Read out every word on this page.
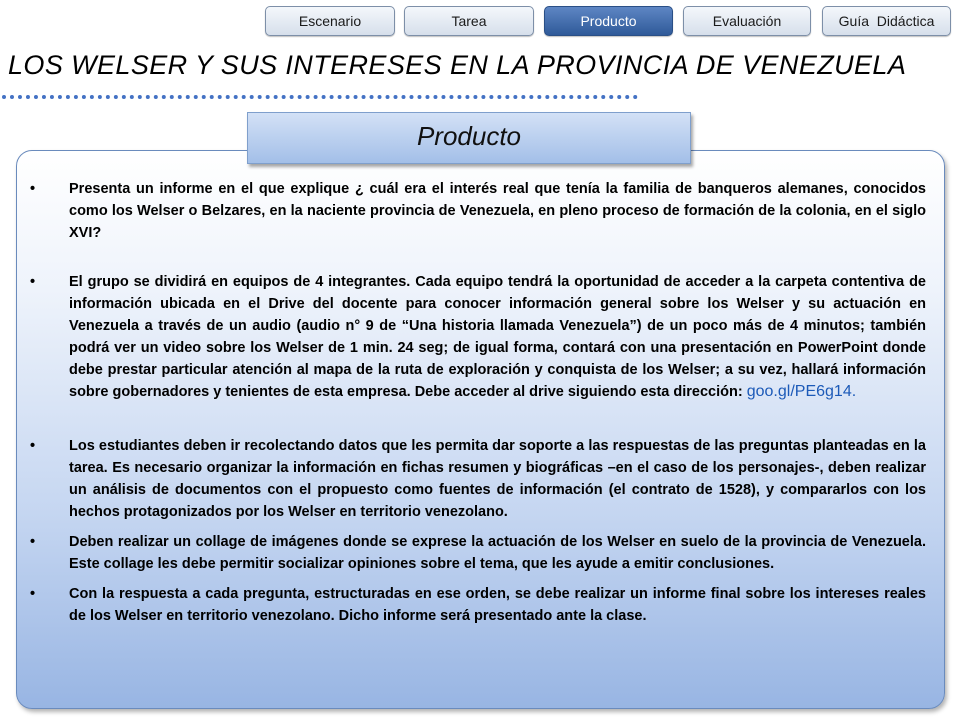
Escenario	Tarea	Producto	Evaluación	Guía  Didáctica
LOS WELSER Y SUS INTERESES EN LA PROVINCIA DE VENEZUELA
Producto
• Presenta un informe en el que explique ¿ cuál era el interés real que tenía la familia de banqueros alemanes, conocidos como los Welser o Belzares, en la naciente provincia de Venezuela, en pleno proceso de formación de la colonia, en el siglo XVI?
• El grupo se dividirá en equipos de 4 integrantes. Cada equipo tendrá la oportunidad de acceder a la carpeta contentiva de información ubicada en el Drive del docente para conocer información general sobre los Welser y su actuación en Venezuela a través de un audio (audio n° 9 de “Una historia llamada Venezuela”) de un poco más de 4 minutos; también podrá ver un video sobre los Welser de 1 min. 24 seg; de igual forma, contará con una presentación en PowerPoint donde debe prestar particular atención al mapa de la ruta de exploración y conquista de los Welser; a su vez, hallará información sobre gobernadores y tenientes de esta empresa. Debe acceder al drive siguiendo esta dirección: goo.gl/PE6g14.
• Los estudiantes deben ir recolectando datos que les permita dar soporte a las respuestas de las preguntas planteadas en la tarea. Es necesario organizar la información en fichas resumen y biográficas –en el caso de los personajes-, deben realizar un análisis de documentos con el propuesto como fuentes de información (el contrato de 1528), y compararlos con los hechos protagonizados por los Welser en territorio venezolano.
• Deben realizar un collage de imágenes donde se exprese la actuación de los Welser en suelo de la provincia de Venezuela. Este collage les debe permitir socializar opiniones sobre el tema, que les ayude a emitir conclusiones.
• Con la respuesta a cada pregunta, estructuradas en ese orden, se debe realizar un informe final sobre los intereses reales de los Welser en territorio venezolano. Dicho informe será presentado ante la clase.
